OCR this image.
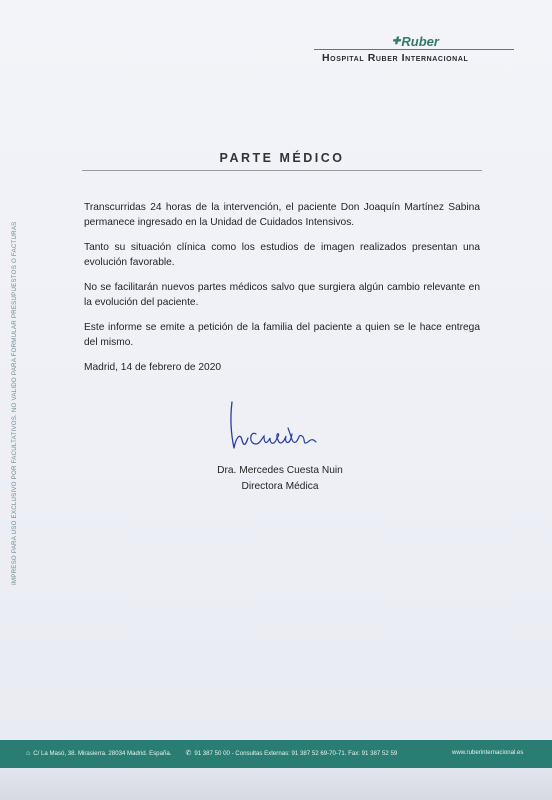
✚ Ruber
Hospital Ruber Internacional
IMPRESO PARA USO EXCLUSIVO POR FACULTATIVOS. NO VALIDO PARA FORMULAR PRESUPUESTOS O FACTURAS
PARTE MÉDICO

Transcurridas 24 horas de la intervención, el paciente Don Joaquín Martínez Sabina permanece ingresado en la Unidad de Cuidados Intensivos.

Tanto su situación clínica como los estudios de imagen realizados presentan una evolución favorable.

No se facilitarán nuevos partes médicos salvo que surgiera algún cambio relevante en la evolución del paciente.

Este informe se emite a petición de la familia del paciente a quien se le hace entrega del mismo.

Madrid, 14 de febrero de 2020

Dra. Mercedes Cuesta Nuin
Directora Médica
⌂ C/ La Masó, 38. Mirasierra. 28034 Madrid. España. ✆ 91 387 50 00 - Consultas Externas: 91 387 52 69-70-71. Fax: 91 387 52 59	www.ruberinternacional.es
